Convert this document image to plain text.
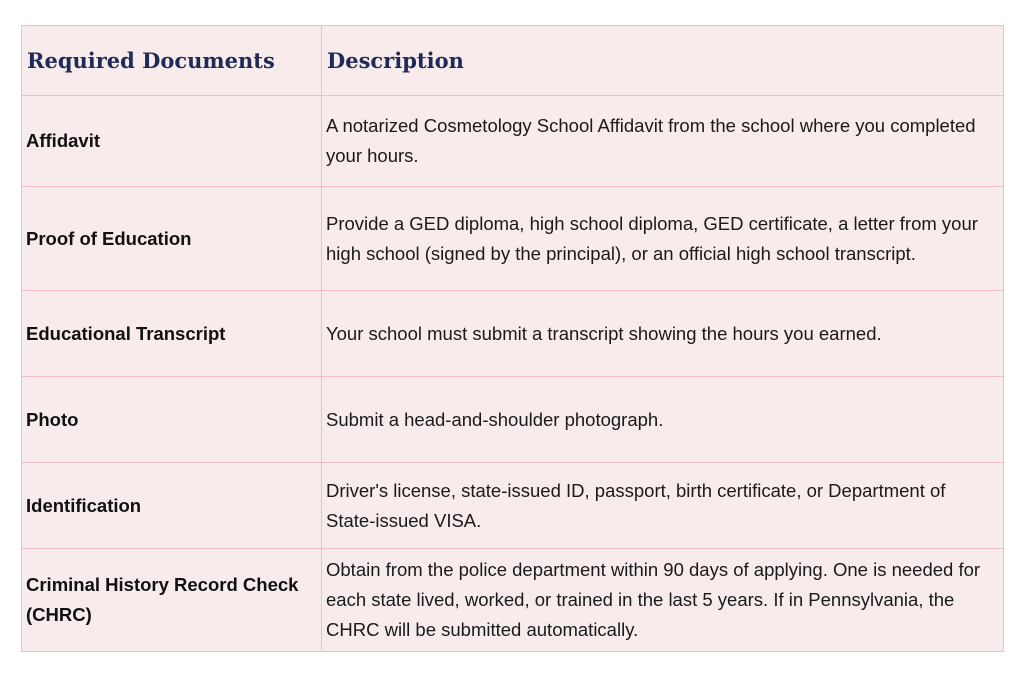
Required Documents	Description
Affidavit	A notarized Cosmetology School Affidavit from the school where you completed your hours.
Proof of Education	Provide a GED diploma, high school diploma, GED certificate, a letter from your high school (signed by the principal), or an official high school transcript.
Educational Transcript	Your school must submit a transcript showing the hours you earned.
Photo	Submit a head-and-shoulder photograph.
Identification	Driver's license, state-issued ID, passport, birth certificate, or Department of State-issued VISA.
Criminal History Record Check (CHRC)	Obtain from the police department within 90 days of applying. One is needed for each state lived, worked, or trained in the last 5 years. If in Pennsylvania, the CHRC will be submitted automatically.
